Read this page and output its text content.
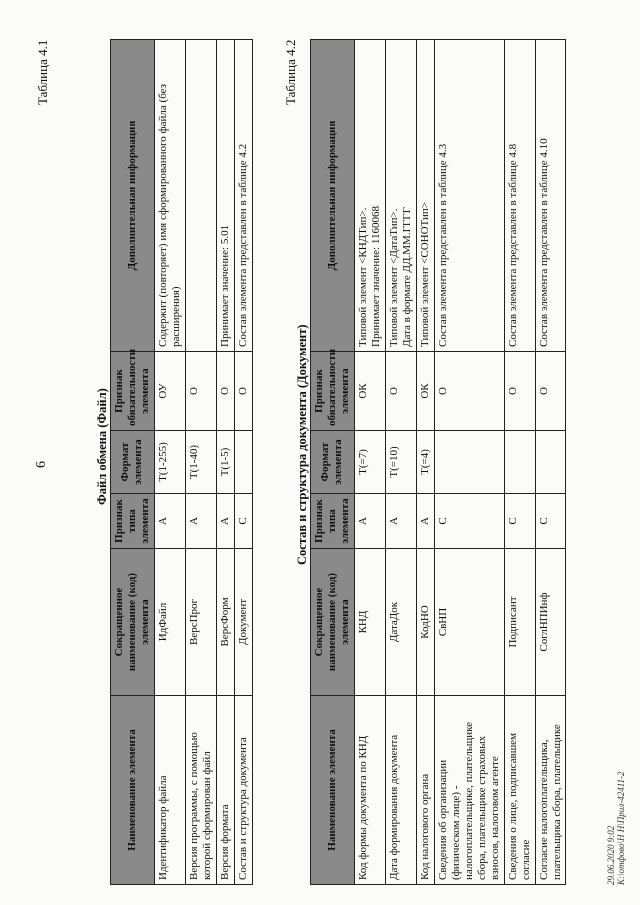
6
Таблица 4.1
Файл обмена (Файл)
Наименование элемента	Сокращенное наименование (код) элемента	Признак типа элемента	Формат элемента	Признак обязательности элемента	Дополнительная информация
Идентификатор файла	ИдФайл	А	Т(1-255)	ОУ	Содержит (повторяет) имя сформированного файла (без расширения)
Версия программы, с помощью которой сформирован файл	ВерсПрог	А	Т(1-40)	О	
Версия формата	ВерсФорм	А	Т(1-5)	О	Принимает значение: 5.01
Состав и структура документа	Документ	С		О	Состав элемента представлен в таблице 4.2
Таблица 4.2
Состав и структура документа (Документ)
Наименование элемента	Сокращенное наименование (код) элемента	Признак типа элемента	Формат элемента	Признак обязательности элемента	Дополнительная информация
Код формы документа по КНД	КНД	А	Т(=7)	ОК	Типовой элемент <КНДТип>.
Принимает значение: 1160068
Дата формирования документа	ДатаДок	А	Т(=10)	О	Типовой элемент <ДатаТип>.
Дата в формате ДД.ММ.ГГГГ
Код налогового органа	КодНО	А	Т(=4)	ОК	Типовой элемент <СОНОТип>
Сведения об организации (физическом лице) - налогоплательщике, плательщике сбора, плательщике страховых взносов, налоговом агенте	СвНП	С		О	Состав элемента представлен в таблице 4.3
Сведения о лице, подписавшем согласие	Подписант	С		О	Состав элемента представлен в таблице 4.8
Согласие налогоплательщика, плательщика сбора, плательщике	СоглНПИнф	С		О	Состав элемента представлен в таблице 4.10
29.06.2020 9:02 K:\отфово\Н Н\Прил-42411-2
